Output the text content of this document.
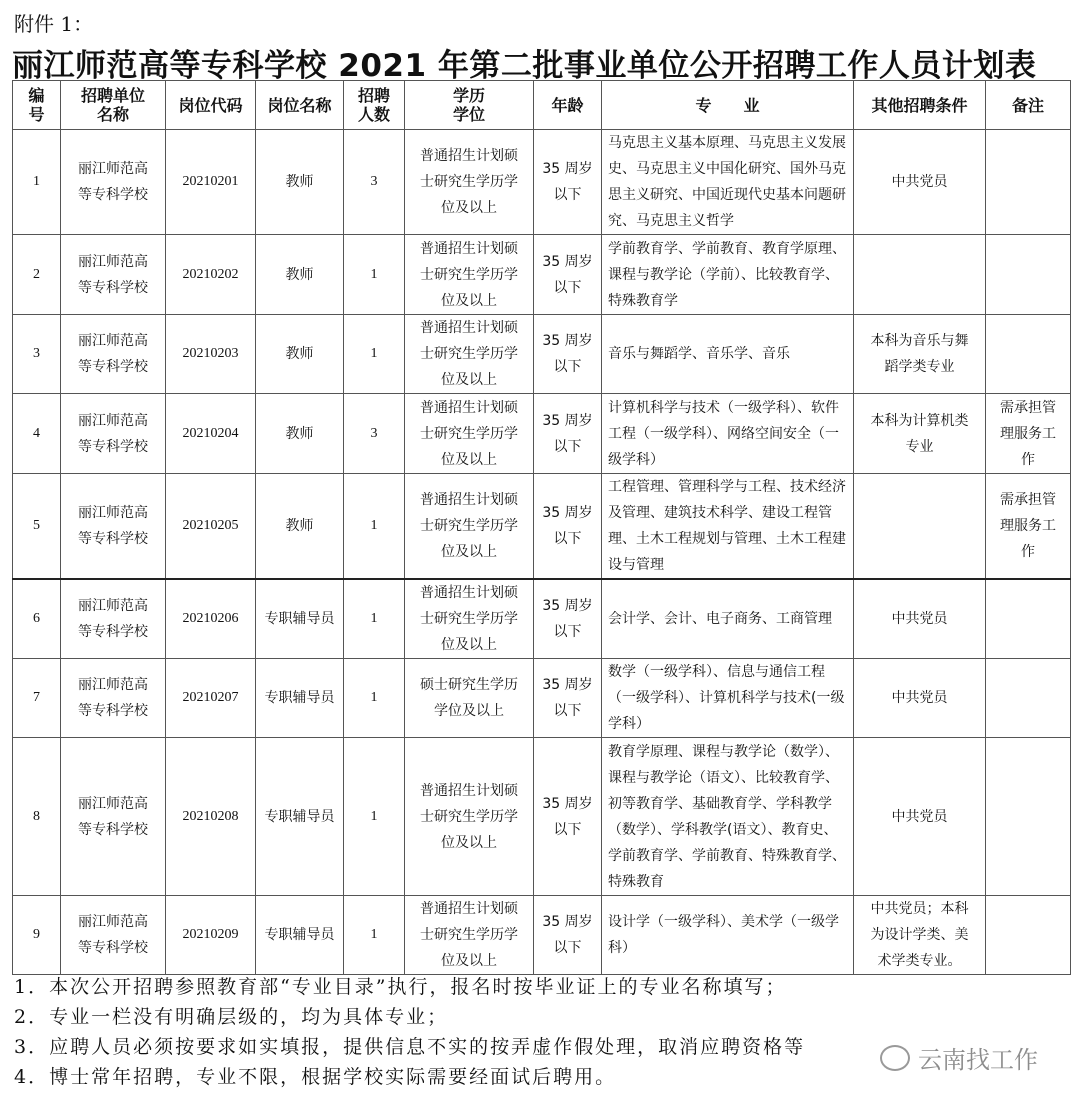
附件 1：
丽江师范高等专科学校 2021 年第二批事业单位公开招聘工作人员计划表
编号	招聘单位名称	岗位代码	岗位名称	招聘人数	学历学位	年龄	专　　业	其他招聘条件	备注
1	丽江师范高等专科学校	20210201	教师	3	普通招生计划硕士研究生学历学位及以上	35 周岁以下	马克思主义基本原理、马克思主义发展史、马克思主义中国化研究、国外马克思主义研究、中国近现代史基本问题研究、马克思主义哲学	中共党员	
2	丽江师范高等专科学校	20210202	教师	1	普通招生计划硕士研究生学历学位及以上	35 周岁以下	学前教育学、学前教育、教育学原理、课程与教学论（学前）、比较教育学、特殊教育学		
3	丽江师范高等专科学校	20210203	教师	1	普通招生计划硕士研究生学历学位及以上	35 周岁以下	音乐与舞蹈学、音乐学、音乐	本科为音乐与舞蹈学类专业	
4	丽江师范高等专科学校	20210204	教师	3	普通招生计划硕士研究生学历学位及以上	35 周岁以下	计算机科学与技术（一级学科）、软件工程（一级学科）、网络空间安全（一级学科）	本科为计算机类专业	需承担管理服务工作
5	丽江师范高等专科学校	20210205	教师	1	普通招生计划硕士研究生学历学位及以上	35 周岁以下	工程管理、管理科学与工程、技术经济及管理、建筑技术科学、建设工程管理、土木工程规划与管理、土木工程建设与管理		需承担管理服务工作
6	丽江师范高等专科学校	20210206	专职辅导员	1	普通招生计划硕士研究生学历学位及以上	35 周岁以下	会计学、会计、电子商务、工商管理	中共党员	
7	丽江师范高等专科学校	20210207	专职辅导员	1	硕士研究生学历学位及以上	35 周岁以下	数学（一级学科）、信息与通信工程（一级学科）、计算机科学与技术(一级学科）	中共党员	
8	丽江师范高等专科学校	20210208	专职辅导员	1	普通招生计划硕士研究生学历学位及以上	35 周岁以下	教育学原理、课程与教学论（数学）、课程与教学论（语文）、比较教育学、初等教育学、基础教育学、学科教学（数学）、学科教学(语文）、教育史、学前教育学、学前教育、特殊教育学、特殊教育	中共党员	
9	丽江师范高等专科学校	20210209	专职辅导员	1	普通招生计划硕士研究生学历学位及以上	35 周岁以下	设计学（一级学科）、美术学（一级学科）	中共党员；本科为设计学类、美术学类专业。	
1．本次公开招聘参照教育部“专业目录”执行，报名时按毕业证上的专业名称填写；
2．专业一栏没有明确层级的，均为具体专业；
3．应聘人员必须按要求如实填报，提供信息不实的按弄虚作假处理，取消应聘资格等
4．博士常年招聘，专业不限，根据学校实际需要经面试后聘用。
云南找工作
